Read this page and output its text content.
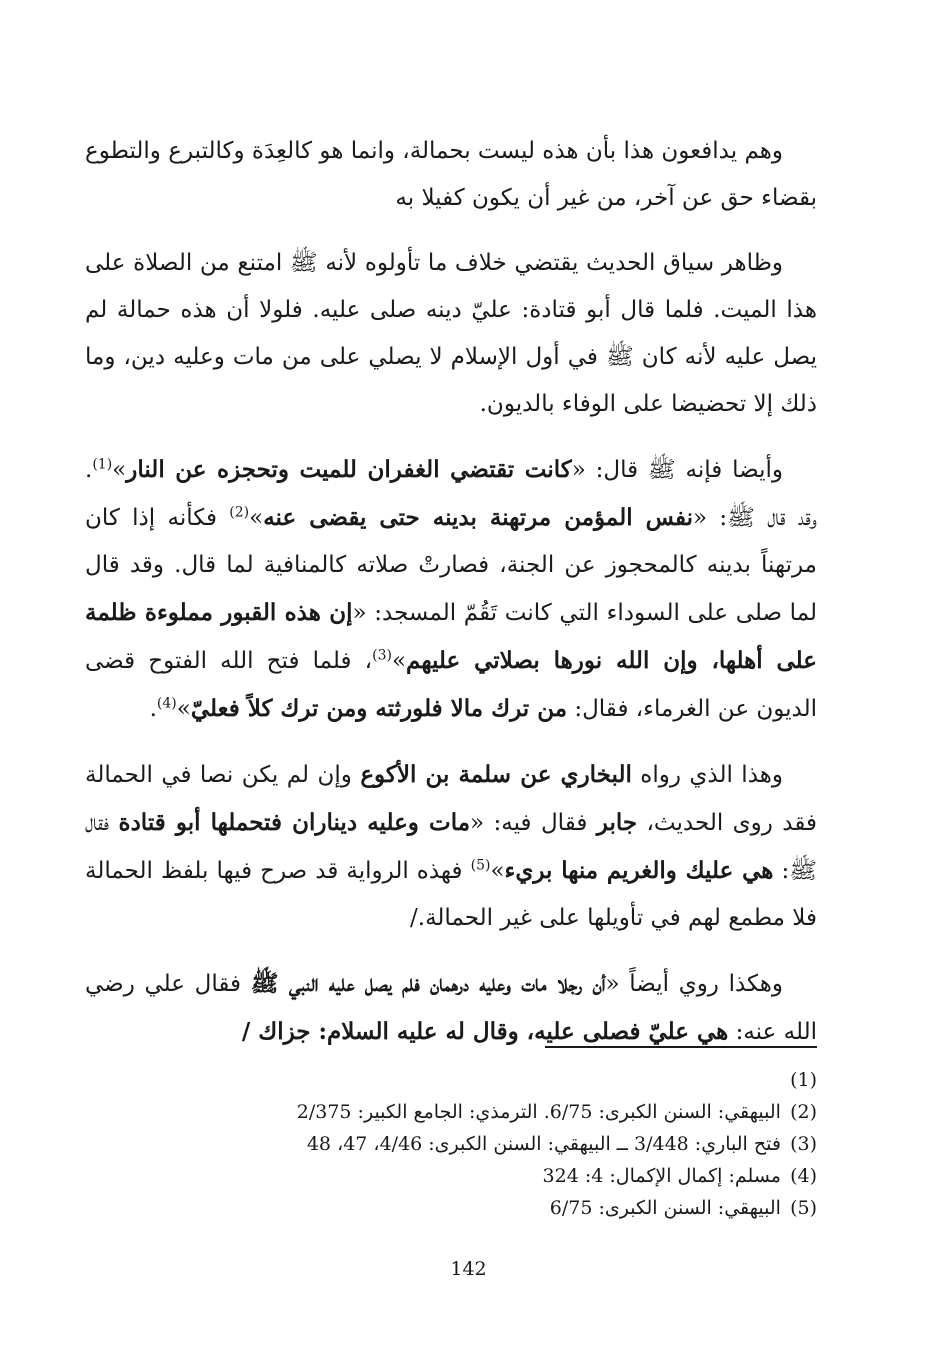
وهم يدافعون هذا بأن هذه ليست بحمالة، وانما هو كالعِدَة وكالتبرع والتطوع بقضاء حق عن آخر، من غير أن يكون كفيلا به
وظاهر سياق الحديث يقتضي خلاف ما تأولوه لأنه ﷺ امتنع من الصلاة على هذا الميت. فلما قال أبو قتادة: عليّ دينه صلى عليه. فلولا أن هذه حمالة لم يصل عليه لأنه كان ﷺ في أول الإسلام لا يصلي على من مات وعليه دين، وما ذلك إلا تحضيضا على الوفاء بالديون.
وأيضا فإنه ﷺ قال: «كانت تقتضي الغفران للميت وتحجزه عن النار»$^{(1)}$. وقد قال ﷺ: «نفس المؤمن مرتهنة بدينه حتى يقضى عنه»$^{(2)}$ فكأنه إذا كان مرتهناً بدينه كالمحجوز عن الجنة، فصارتْ صلاته كالمنافية لما قال. وقد قال لما صلى على السوداء التي كانت تَقُمّ المسجد: «إن هذه القبور مملوءة ظلمة على أهلها، وإن الله نورها بصلاتي عليهم»$^{(3)}$، فلما فتح الله الفتوح قضى الديون عن الغرماء، فقال: من ترك مالا فلورثته ومن ترك كلاً فعليّ»$^{(4)}$.
وهذا الذي رواه البخاري عن سلمة بن الأكوع وإن لم يكن نصا في الحمالة فقد روى الحديث، جابر فقال فيه: «مات وعليه ديناران فتحملها أبو قتادة فقال ﷺ: هي عليك والغريم منها بريء»$^{(5)}$ فهذه الرواية قد صرح فيها بلفظ الحمالة فلا مطمع لهم في تأويلها على غير الحمالة./
وهكذا روي أيضاً «أن رجلا مات وعليه درهمان فلم يصل عليه النبي ﷺ فقال علي رضي الله عنه: هي عليّ فصلى عليه، وقال له عليه السلام: جزاك /
(1)
(2) البيهقي: السنن الكبرى: 6/75. الترمذي: الجامع الكبير: 2/375
(3) فتح الباري: 3/448 ــ البيهقي: السنن الكبرى: 4/46، 47، 48
(4) مسلم: إكمال الإكمال: 4: 324
(5) البيهقي: السنن الكبرى: 6/75
142
